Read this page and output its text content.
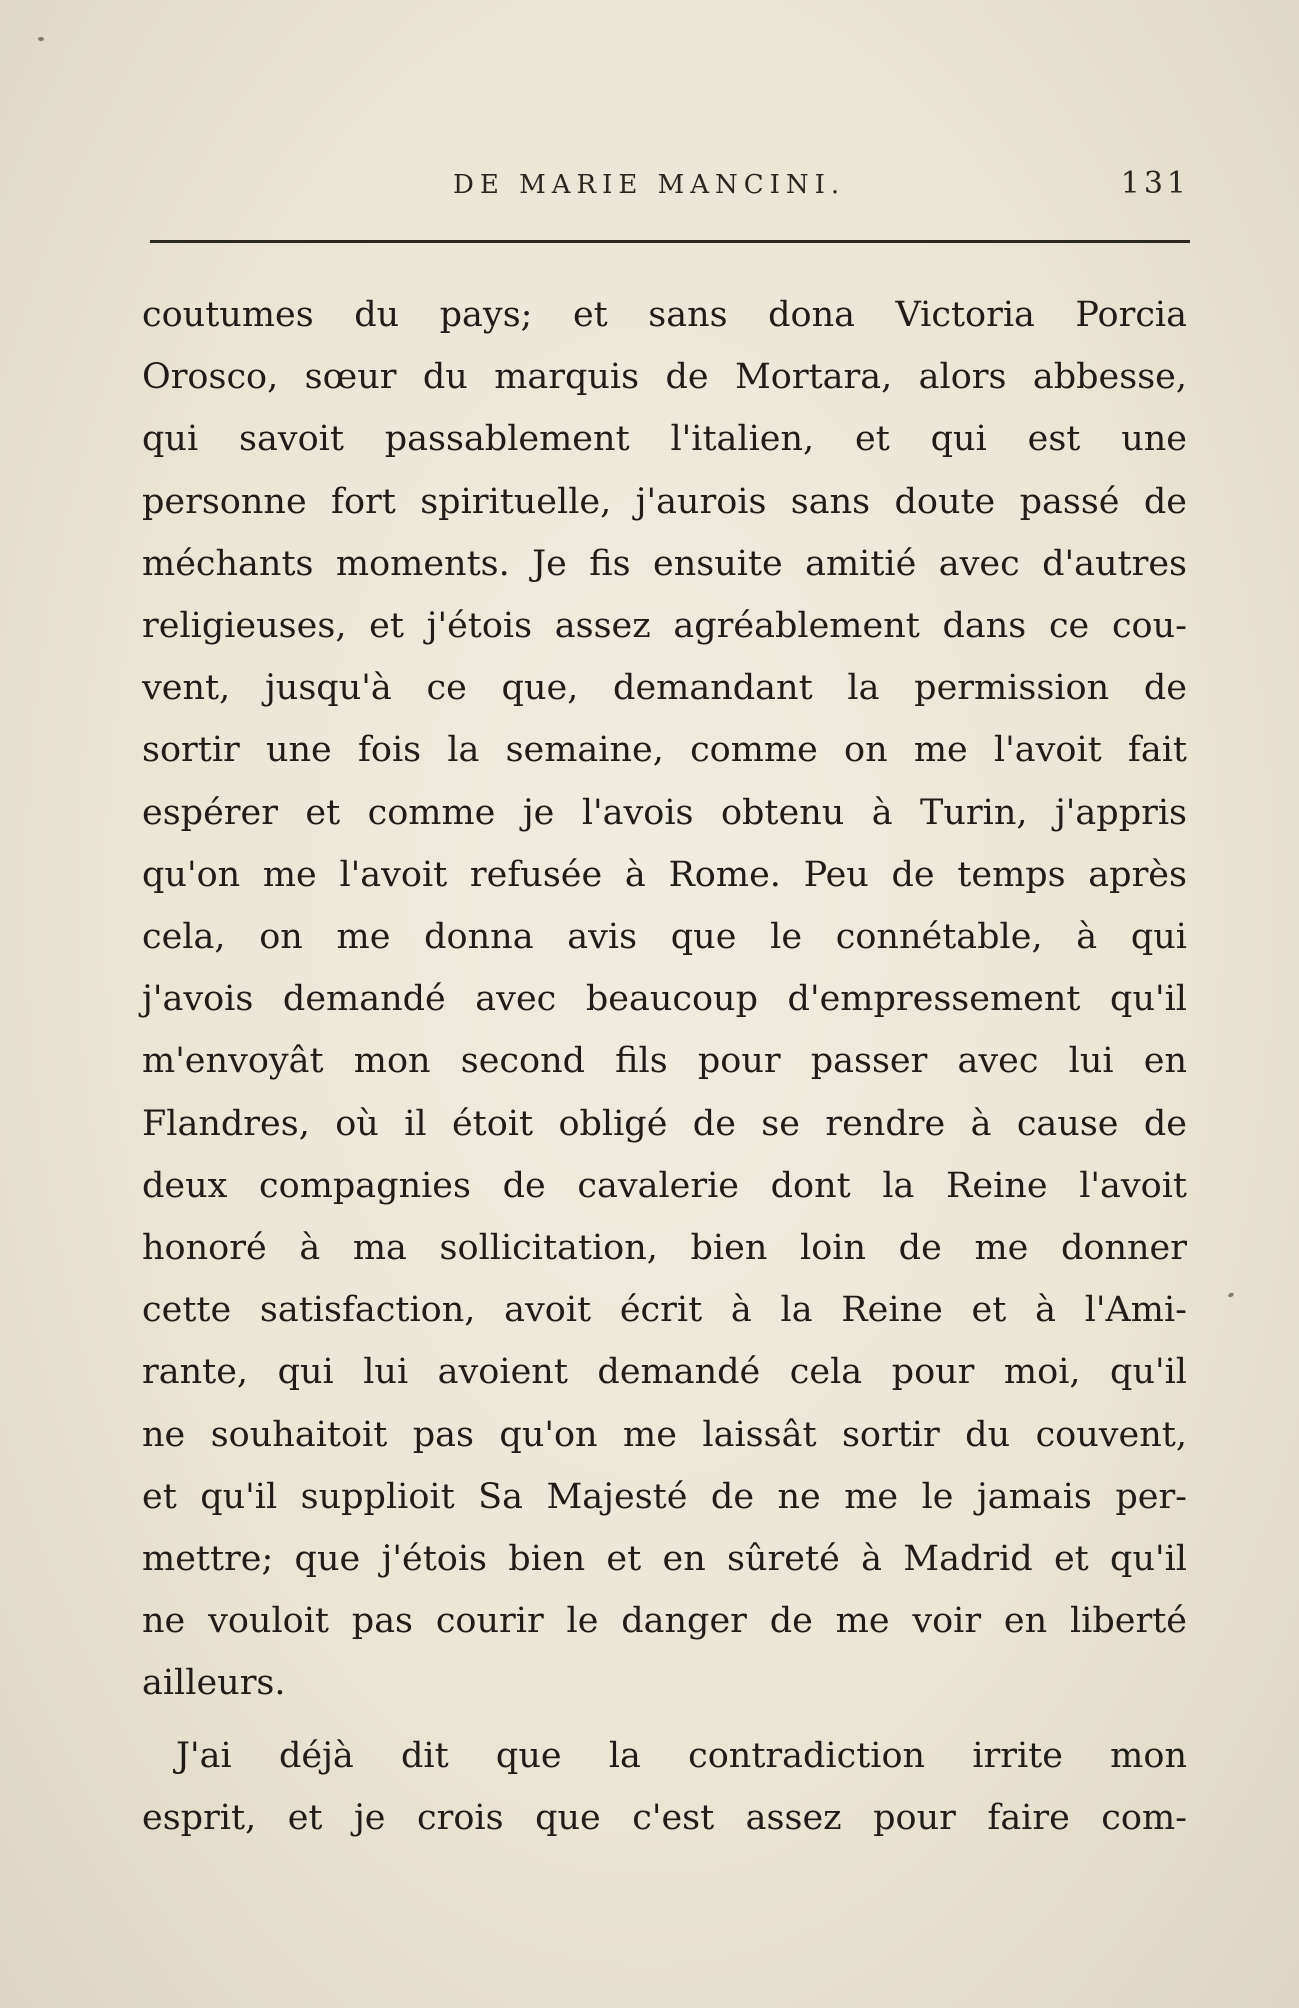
DE MARIE MANCINI.	131

coutumes du pays; et sans dona Victoria Porcia

Orosco, sœur du marquis de Mortara, alors abbesse,

qui savoit passablement l'italien, et qui est une

personne fort spirituelle, j'aurois sans doute passé de

méchants moments. Je fis ensuite amitié avec d'autres

religieuses, et j'étois assez agréablement dans ce cou-

vent, jusqu'à ce que, demandant la permission de

sortir une fois la semaine, comme on me l'avoit fait

espérer et comme je l'avois obtenu à Turin, j'appris

qu'on me l'avoit refusée à Rome. Peu de temps après

cela, on me donna avis que le connétable, à qui

j'avois demandé avec beaucoup d'empressement qu'il

m'envoyât mon second fils pour passer avec lui en

Flandres, où il étoit obligé de se rendre à cause de

deux compagnies de cavalerie dont la Reine l'avoit

honoré à ma sollicitation, bien loin de me donner

cette satisfaction, avoit écrit à la Reine et à l'Ami-

rante, qui lui avoient demandé cela pour moi, qu'il

ne souhaitoit pas qu'on me laissât sortir du couvent,

et qu'il supplioit Sa Majesté de ne me le jamais per-

mettre; que j'étois bien et en sûreté à Madrid et qu'il

ne vouloit pas courir le danger de me voir en liberté

ailleurs.

J'ai déjà dit que la contradiction irrite mon

esprit, et je crois que c'est assez pour faire com-
